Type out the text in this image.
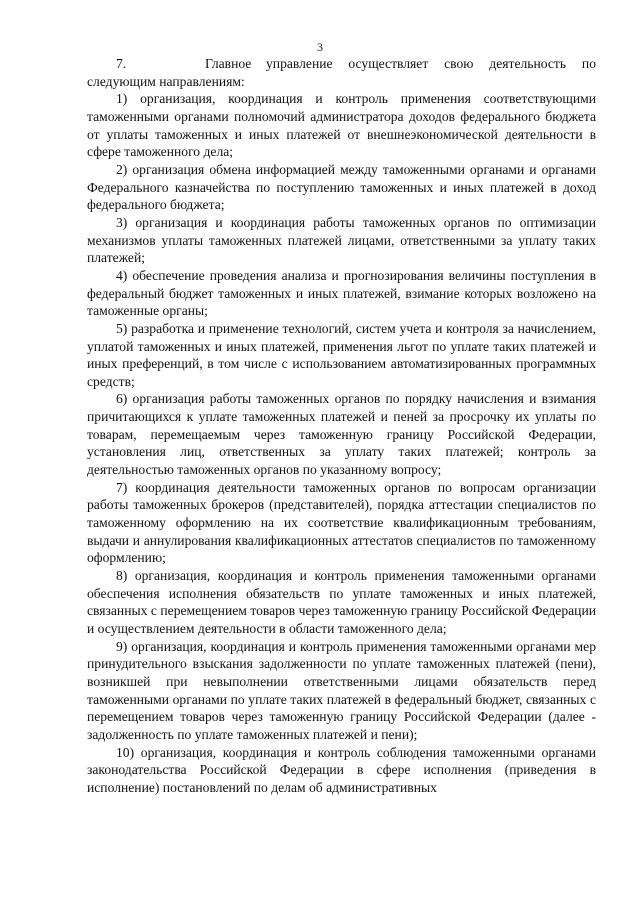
3

7.	Главное управление осуществляет свою деятельность по следующим направлениям:

1) организация, координация и контроль применения соответствующими таможенными органами полномочий администратора доходов федерального бюджета от уплаты таможенных и иных платежей от внешнеэкономической деятельности в сфере таможенного дела;

2) организация обмена информацией между таможенными органами и органами Федерального казначейства по поступлению таможенных и иных платежей в доход федерального бюджета;

3) организация и координация работы таможенных органов по оптимизации механизмов уплаты таможенных платежей лицами, ответственными за уплату таких платежей;

4) обеспечение проведения анализа и прогнозирования величины поступления в федеральный бюджет таможенных и иных платежей, взимание которых возложено на таможенные органы;

5) разработка и применение технологий, систем учета и контроля за начислением, уплатой таможенных и иных платежей, применения льгот по уплате таких платежей и иных преференций, в том числе с использованием автоматизированных программных средств;

6) организация работы таможенных органов по порядку начисления и взимания причитающихся к уплате таможенных платежей и пеней за просрочку их уплаты по товарам, перемещаемым через таможенную границу Российской Федерации, установления лиц, ответственных за уплату таких платежей; контроль за деятельностью таможенных органов по указанному вопросу;

7) координация деятельности таможенных органов по вопросам организации работы таможенных брокеров (представителей), порядка аттестации специалистов по таможенному оформлению на их соответствие квалификационным требованиям, выдачи и аннулирования квалификационных аттестатов специалистов по таможенному оформлению;

8) организация, координация и контроль применения таможенными органами обеспечения исполнения обязательств по уплате таможенных и иных платежей, связанных с перемещением товаров через таможенную границу Российской Федерации и осуществлением деятельности в области таможенного дела;

9) организация, координация и контроль применения таможенными органами мер принудительного взыскания задолженности по уплате таможенных платежей (пени), возникшей при невыполнении ответственными лицами обязательств перед таможенными органами по уплате таких платежей в федеральный бюджет, связанных с перемещением товаров через таможенную границу Российской Федерации (далее - задолженность по уплате таможенных платежей и пени);

10) организация, координация и контроль соблюдения таможенными органами законодательства Российской Федерации в сфере исполнения (приведения в исполнение) постановлений по делам об административных
